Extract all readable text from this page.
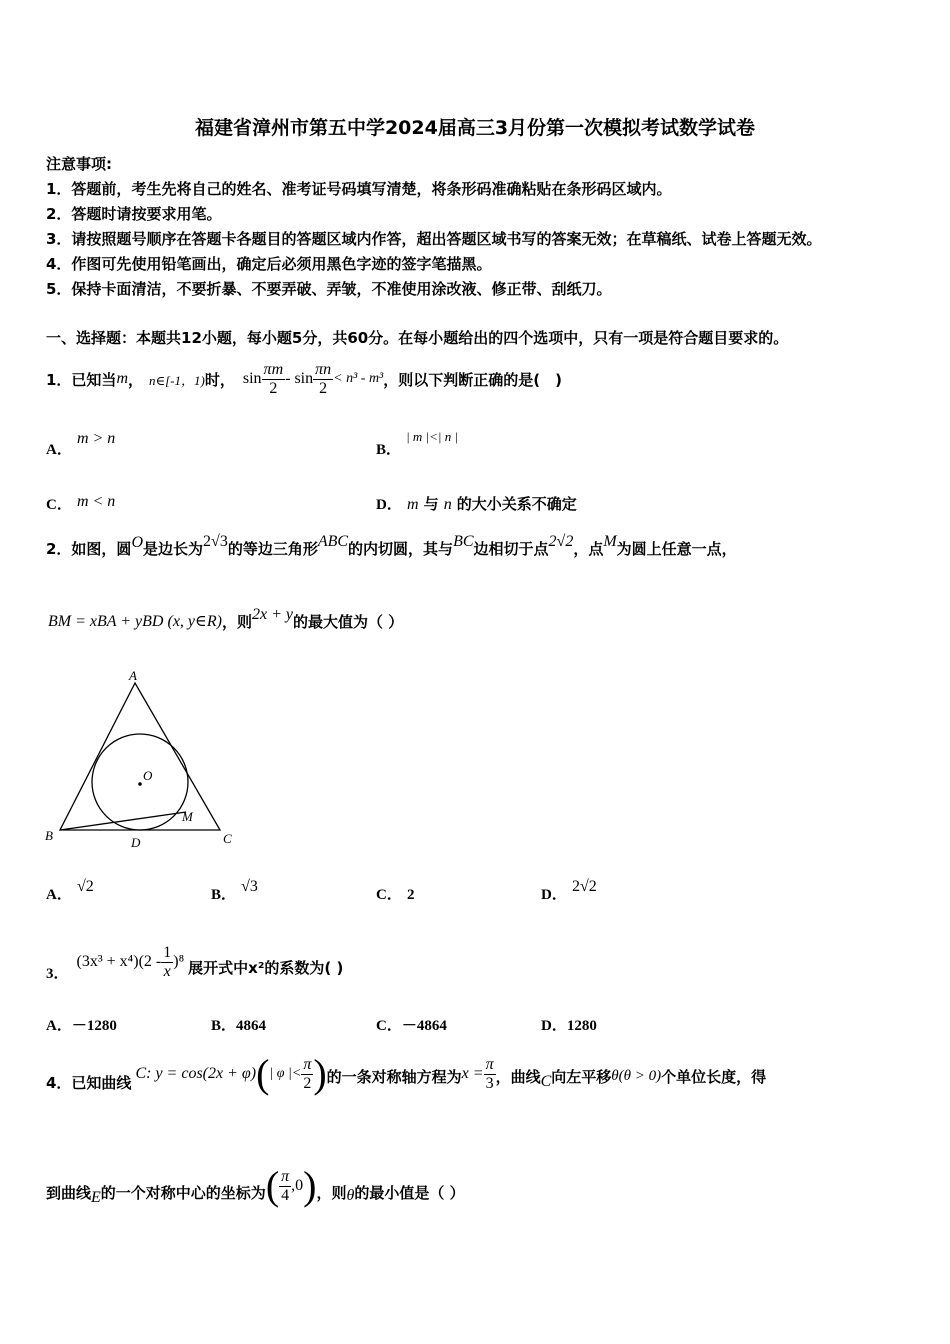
福建省漳州市第五中学2024届高三3月份第一次模拟考试数学试卷
注意事项:
1．答题前，考生先将自己的姓名、准考证号码填写清楚，将条形码准确粘贴在条形码区域内。
2．答题时请按要求用笔。
3．请按照题号顺序在答题卡各题目的答题区域内作答，超出答题区域书写的答案无效；在草稿纸、试卷上答题无效。
4．作图可先使用铅笔画出，确定后必须用黑色字迹的签字笔描黑。
5．保持卡面清洁，不要折暴、不要弄破、弄皱，不准使用涂改液、修正带、刮纸刀。
一、选择题：本题共12小题，每小题5分，共60分。在每小题给出的四个选项中，只有一项是符合题目要求的。
1．已知当 m ， n∈[-1，1) 时， $\sin \frac{\pi m}{2} - \sin \frac{\pi n}{2} < n^3 - m^3$ ，则以下判断正确的是(　)
A． m > n
B． $^{| m |<| n |}$
C． m < n	D． m 与 n 的大小关系不确定
2．如图，圆 O 是边长为 2√3 的等边三角形 ABC 的内切圆，其与 BC 边相切于点 2√2 ，点 M 为圆上任意一点，
BM = xBA + yBD (x, y∈R) ，则 2x + y 的最大值为（ ）
A
B	C
D
O
M
A． √2	B． √3	C． 2	D． 2√2
3．
$(3x^3 + x^4)(2 - \frac{1}{x} )^8$ 展开式中x²的系数为( )
A．－1280	B．4864	C．－4864	D．1280
4．已知曲线 C: y = cos(2x + φ) ( | φ |< $\frac{\pi}{2}$ ) 的一条对称轴方程为 $x = \frac{\pi}{3}$ ，曲线 C 向左平移 θ(θ > 0) 个单位长度，得
到曲线 E 的一个对称中心的坐标为 ( $\frac{\pi}{4} ,0$ ) ，则 θ 的最小值是（ ）
